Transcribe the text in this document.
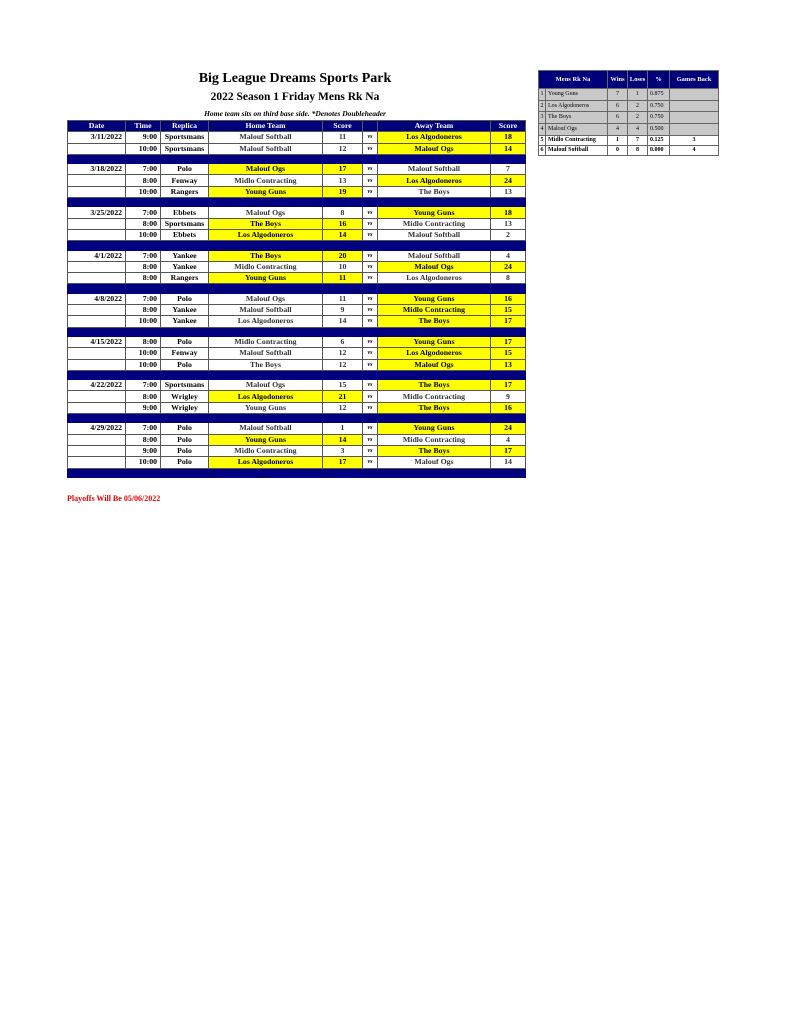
Big League Dreams Sports Park
2022 Season 1 Friday Mens Rk Na
Home team sits on third base side. *Denotes Doubleheader
Date	Time	Replica	Home Team	Score		Away Team	Score
3/11/2022	9:00	Sportsmans	Malouf Softball	11	vs	Los Algodoneros	18
	10:00	Sportsmans	Malouf Softball	12	vs	Malouf Ogs	14

3/18/2022	7:00	Polo	Malouf Ogs	17	vs	Malouf Softball	7
	8:00	Fenway	Midlo Contracting	13	vs	Los Algodoneros	24
	10:00	Rangers	Young Guns	19	vs	The Boys	13

3/25/2022	7:00	Ebbets	Malouf Ogs	8	vs	Young Guns	18
	8:00	Sportsmans	The Boys	16	vs	Midlo Contracting	13
	10:00	Ebbets	Los Algodoneros	14	vs	Malouf Softball	2

4/1/2022	7:00	Yankee	The Boys	20	vs	Malouf Softball	4
	8:00	Yankee	Midlo Contracting	10	vs	Malouf Ogs	24
	8:00	Rangers	Young Guns	11	vs	Los Algodoneros	8

4/8/2022	7:00	Polo	Malouf Ogs	11	vs	Young Guns	16
	8:00	Yankee	Malouf Softball	9	vs	Midlo Contracting	15
	10:00	Yankee	Los Algodoneros	14	vs	The Boys	17

4/15/2022	8:00	Polo	Midlo Contracting	6	vs	Young Guns	17
	10:00	Fenway	Malouf Softball	12	vs	Los Algodoneros	15
	10:00	Polo	The Boys	12	vs	Malouf Ogs	13

4/22/2022	7:00	Sportsmans	Malouf Ogs	15	vs	The Boys	17
	8:00	Wrigley	Los Algodoneros	21	vs	Midlo Contracting	9
	9:00	Wrigley	Young Guns	12	vs	The Boys	16

4/29/2022	7:00	Polo	Malouf Softball	1	vs	Young Guns	24
	8:00	Polo	Young Guns	14	vs	Midlo Contracting	4
	9:00	Polo	Midlo Contracting	3	vs	The Boys	17
	10:00	Polo	Los Algodoneros	17	vs	Malouf Ogs	14

Mens Rk Na		Wins	Loses	%	Games Back
1	Young Guns	7	1	0.875	
2	Los Algodoneros	6	2	0.750	
3	The Boys	6	2	0.750	
4	Malouf Ogs	4	4	0.500	
5	Midlo Contracting	1	7	0.125	3
6	Malouf Softball	0	8	0.000	4
Playoffs Will Be 05/06/2022
